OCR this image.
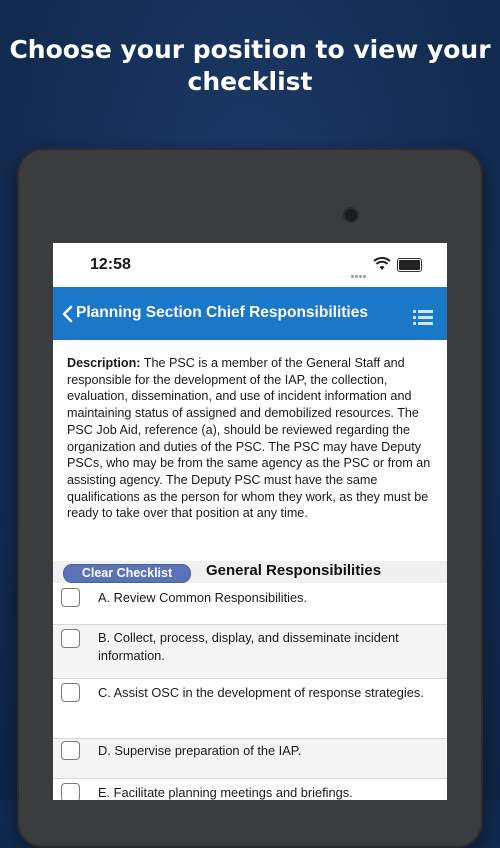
Choose your position to view your checklist
12:58
Planning Section Chief Responsibilities
Description: The PSC is a member of the General Staff and responsible for the development of the IAP, the collection, evaluation, dissemination, and use of incident information and maintaining status of assigned and demobilized resources. The PSC Job Aid, reference (a), should be reviewed regarding the organization and duties of the PSC. The PSC may have Deputy PSCs, who may be from the same agency as the PSC or from an assisting agency. The Deputy PSC must have the same qualifications as the person for whom they work, as they must be ready to take over that position at any time.
Clear Checklist	General Responsibilities
A. Review Common Responsibilities.
B. Collect, process, display, and disseminate incident information.
C. Assist OSC in the development of response strategies.
D. Supervise preparation of the IAP.
E. Facilitate planning meetings and briefings.
